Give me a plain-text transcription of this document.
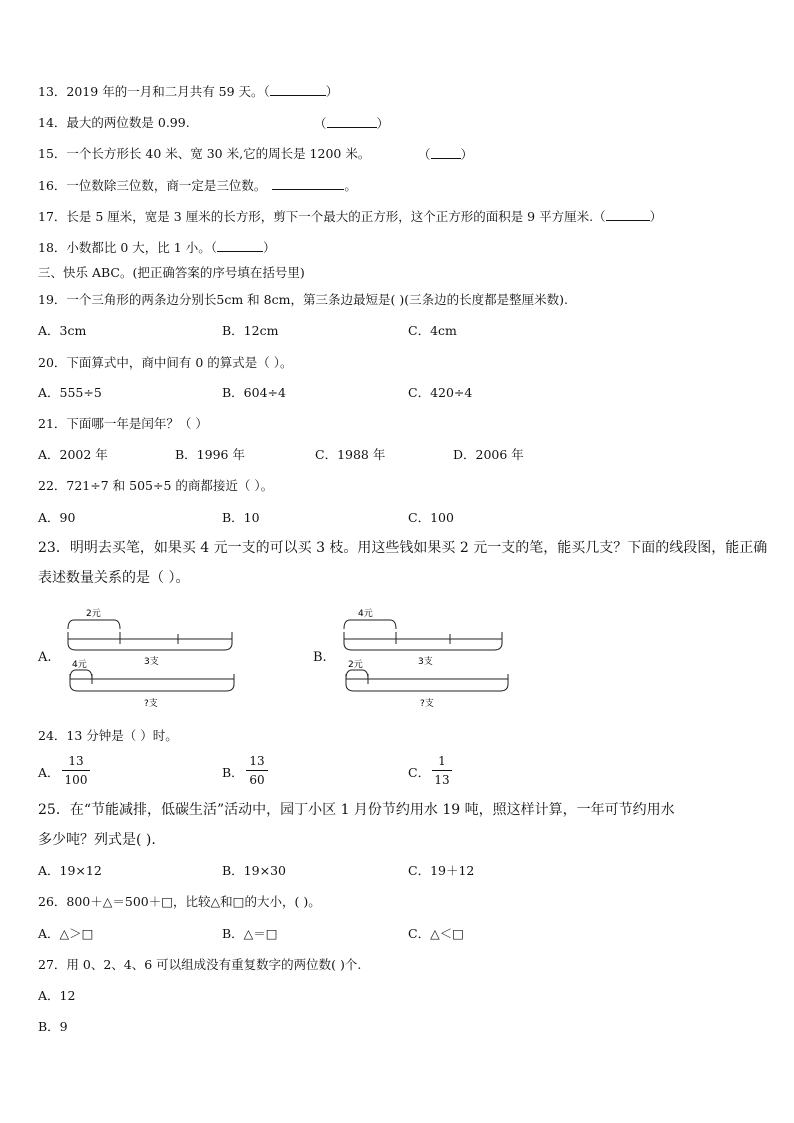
13．2019 年的一月和二月共有 59 天。（	）
14．最大的两位数是 0.99.	（	）
15．一个长方形长 40 米、宽 30 米,它的周长是 1200 米。	（ ）
16．一位数除三位数，商一定是三位数。	。
17．长是 5 厘米，宽是 3 厘米的长方形，剪下一个最大的正方形，这个正方形的面积是 9 平方厘米.（	）
18．小数都比 0 大，比 1 小。（	）
三、快乐 ABC。(把正确答案的序号填在括号里)
19．一个三角形的两条边分别长5cm 和 8cm，第三条边最短是( )(三条边的长度都是整厘米数).
A．3cm	B．12cm	C．4cm
20．下面算式中，商中间有 0 的算式是（ ）。
A．555÷5	B．604÷4	C．420÷4
21．下面哪一年是闰年？（ ）
A．2002 年	B．1996 年	C．1988 年	D．2006 年
22．721÷7 和 505÷5 的商都接近（ ）。
A．90	B．10	C．100
23．明明去买笔，如果买 4 元一支的可以买 3 枝。用这些钱如果买 2 元一支的笔，能买几支？下面的线段图，能正确
表述数量关系的是（ ）。
A.
2元
3支
4元
?支
B.
4元
3支
2元
?支
24．13 分钟是（ ）时。
A．
13
100	B．
13
60	C．
1
13
25．在“节能减排，低碳生活”活动中，园丁小区 1 月份节约用水 19 吨，照这样计算，一年可节约用水
多少吨？列式是( ).
A．19×12	B．19×30	C．19＋12
26．800＋△＝500＋□，比较△和□的大小，( )。
A．△＞□	B．△＝□	C．△＜□
27．用 0、2、4、6 可以组成没有重复数字的两位数( )个.
A．12
B．9
